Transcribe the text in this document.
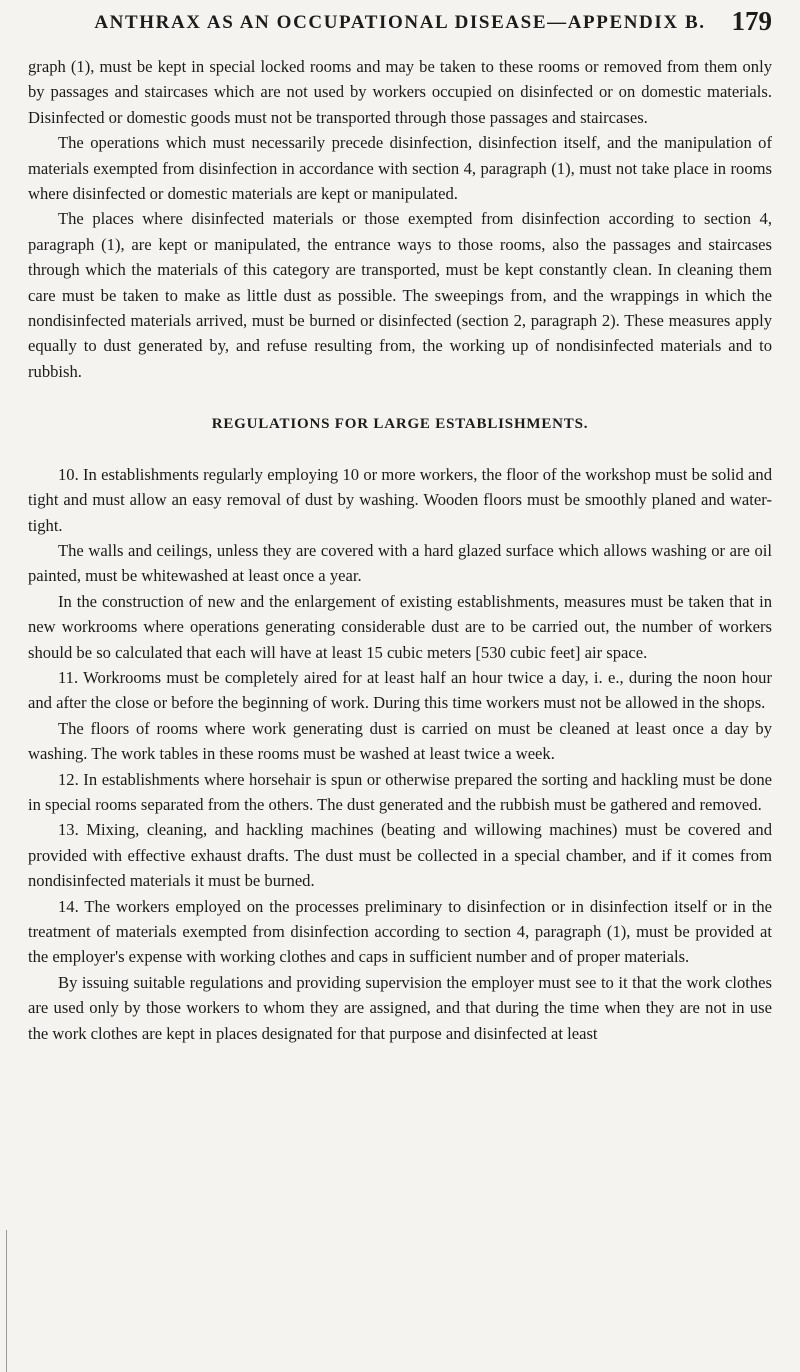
ANTHRAX AS AN OCCUPATIONAL DISEASE—APPENDIX B. 179

graph (1), must be kept in special locked rooms and may be taken to these rooms or removed from them only by passages and staircases which are not used by workers occupied on disinfected or on domestic materials. Disinfected or domestic goods must not be transported through those passages and staircases.

The operations which must necessarily precede disinfection, disinfection itself, and the manipulation of materials exempted from disinfection in accordance with section 4, paragraph (1), must not take place in rooms where disinfected or domestic materials are kept or manipulated.

The places where disinfected materials or those exempted from disinfection according to section 4, paragraph (1), are kept or manipulated, the entrance ways to those rooms, also the passages and staircases through which the materials of this category are transported, must be kept constantly clean. In cleaning them care must be taken to make as little dust as possible. The sweepings from, and the wrappings in which the nondisinfected materials arrived, must be burned or disinfected (section 2, paragraph 2). These measures apply equally to dust generated by, and refuse resulting from, the working up of nondisinfected materials and to rubbish.

REGULATIONS FOR LARGE ESTABLISHMENTS.

10. In establishments regularly employing 10 or more workers, the floor of the workshop must be solid and tight and must allow an easy removal of dust by washing. Wooden floors must be smoothly planed and water-tight.

The walls and ceilings, unless they are covered with a hard glazed surface which allows washing or are oil painted, must be whitewashed at least once a year.

In the construction of new and the enlargement of existing establishments, measures must be taken that in new workrooms where operations generating considerable dust are to be carried out, the number of workers should be so calculated that each will have at least 15 cubic meters [530 cubic feet] air space.

11. Workrooms must be completely aired for at least half an hour twice a day, i. e., during the noon hour and after the close or before the beginning of work. During this time workers must not be allowed in the shops.

The floors of rooms where work generating dust is carried on must be cleaned at least once a day by washing. The work tables in these rooms must be washed at least twice a week.

12. In establishments where horsehair is spun or otherwise prepared the sorting and hackling must be done in special rooms separated from the others. The dust generated and the rubbish must be gathered and removed.

13. Mixing, cleaning, and hackling machines (beating and willowing machines) must be covered and provided with effective exhaust drafts. The dust must be collected in a special chamber, and if it comes from nondisinfected materials it must be burned.

14. The workers employed on the processes preliminary to disinfection or in disinfection itself or in the treatment of materials exempted from disinfection according to section 4, paragraph (1), must be provided at the employer's expense with working clothes and caps in sufficient number and of proper materials.

By issuing suitable regulations and providing supervision the employer must see to it that the work clothes are used only by those workers to whom they are assigned, and that during the time when they are not in use the work clothes are kept in places designated for that purpose and disinfected at least
